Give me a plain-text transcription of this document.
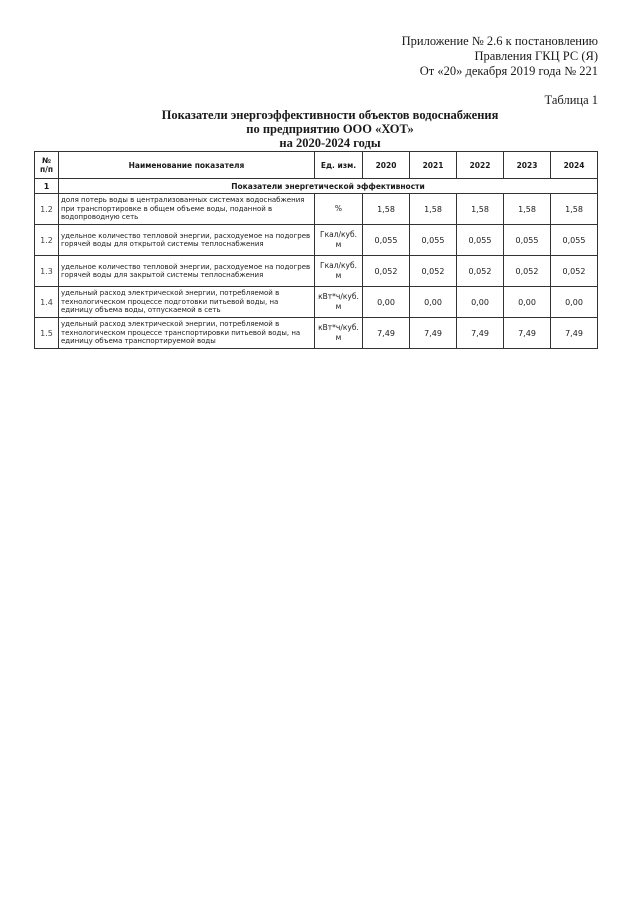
Приложение № 2.6 к постановлению
Правления ГКЦ РС (Я)
От «20» декабря 2019 года № 221
Таблица 1
Показатели энергоэффективности объектов водоснабжения
по предприятию ООО «ХОТ»
на 2020-2024 годы
№ п/п	Наименование показателя	Ед. изм.	2020	2021	2022	2023	2024
1	Показатели энергетической эффективности						
1.2	доля потерь воды в централизованных системах водоснабжения при транспортировке в общем объеме воды, поданной в водопроводную сеть	%	1,58	1,58	1,58	1,58	1,58
1.2	удельное количество тепловой энергии, расходуемое на подогрев горячей воды для открытой системы теплоснабжения	Гкал/куб. м	0,055	0,055	0,055	0,055	0,055
1.3	удельное количество тепловой энергии, расходуемое на подогрев горячей воды для закрытой системы теплоснабжения	Гкал/куб. м	0,052	0,052	0,052	0,052	0,052
1.4	удельный расход электрической энергии, потребляемой в технологическом процессе подготовки питьевой воды, на единицу объема воды, отпускаемой в сеть	кВт*ч/куб. м	0,00	0,00	0,00	0,00	0,00
1.5	удельный расход электрической энергии, потребляемой в технологическом процессе транспортировки питьевой воды, на единицу объема транспортируемой воды	кВт*ч/куб. м	7,49	7,49	7,49	7,49	7,49
